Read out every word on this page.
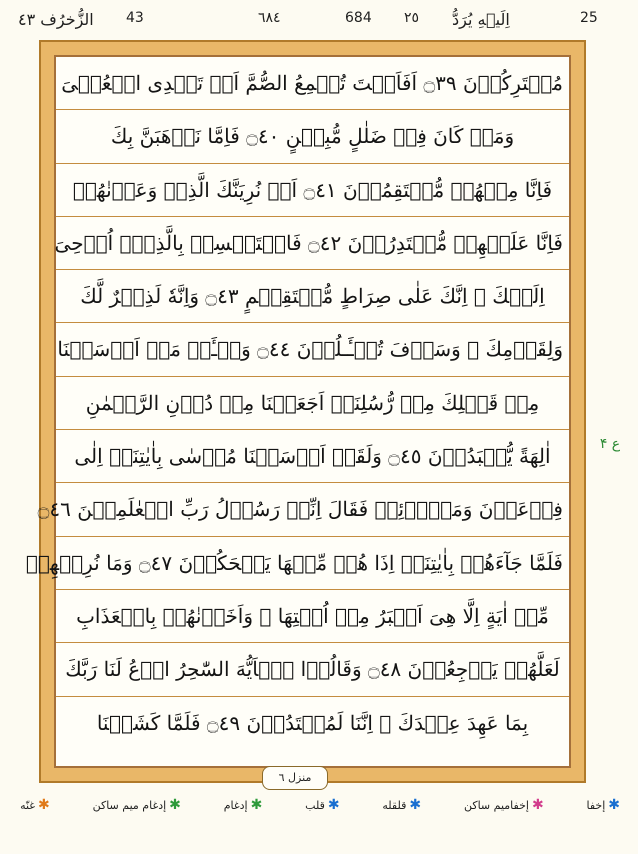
الزُّخرُف ٤٣ 43	٦٨٤	684 ٢٥ اِلَيۡهِ يُرَدُّ	25
مُشۡتَرِكُوۡنَ ۝٣٩ اَفَاَنۡتَ تُسۡمِعُ الصُّمَّ اَوۡ تَهۡدِى الۡعُمۡىَ
وَمَنۡ كَانَ فِىۡ ضَلٰلٍ مُّبِيۡنٍ ۝٤٠ فَاِمَّا نَذۡهَبَنَّ بِكَ
فَاِنَّا مِنۡهُمۡ مُّنۡتَقِمُوۡنَ ۝٤١ اَوۡ نُرِيَنَّكَ الَّذِىۡ وَعَدۡنٰهُمۡ
فَاِنَّا عَلَيۡهِمۡ مُّقۡتَدِرُوۡنَ ۝٤٢ فَاسۡتَمۡسِكۡ بِالَّذِىۡۤ اُوۡحِىَ
اِلَيۡكَ ۚ اِنَّكَ عَلٰى صِرَاطٍ مُّسۡتَقِيۡمٍ ۝٤٣ وَاِنَّهٗ لَذِكۡرٌ لَّكَ
وَلِقَوۡمِكَ ۚ وَسَوۡفَ تُسۡـَٔـلُوۡنَ ۝٤٤ وَسۡـَٔلۡ مَنۡ اَرۡسَلۡنَا
مِنۡ قَبۡلِكَ مِنۡ رُّسُلِنَاۤ اَجَعَلۡنَا مِنۡ دُوۡنِ الرَّحۡمٰنِ
اٰلِهَةً يُّعۡبَدُوۡنَ ۝٤٥ وَلَقَدۡ اَرۡسَلۡنَا مُوۡسٰى بِاٰيٰتِنَاۤ اِلٰى
فِرۡعَوۡنَ وَمَلَا۠ئِهٖ فَقَالَ اِنِّىۡ رَسُوۡلُ رَبِّ الۡعٰلَمِيۡنَ ۝٤٦
فَلَمَّا جَآءَهُمۡ بِاٰيٰتِنَاۤ اِذَا هُمۡ مِّنۡهَا يَضۡحَكُوۡنَ ۝٤٧ وَمَا نُرِيۡهِمۡ
مِّنۡ اٰيَةٍ اِلَّا هِىَ اَكۡبَرُ مِنۡ اُخۡتِهَا ۖ وَاَخَذۡنٰهُمۡ بِالۡعَذَابِ
لَعَلَّهُمۡ يَرۡجِعُوۡنَ ۝٤٨ وَقَالُوۡا يٰۤاَيُّهَ السّٰحِرُ ادۡعُ لَنَا رَبَّكَ
بِمَا عَهِدَ عِنۡدَكَ ۚ اِنَّنَا لَمُهۡتَدُوۡنَ ۝٤٩ فَلَمَّا كَشَفۡنَا
ع ۴
منزل ٦
✱
إخفا
✱
إخفاميم ساكن
✱
قلقله
✱
قلب
✱
إدغام
✱
إدغام ميم ساكن
✱
غنّه
